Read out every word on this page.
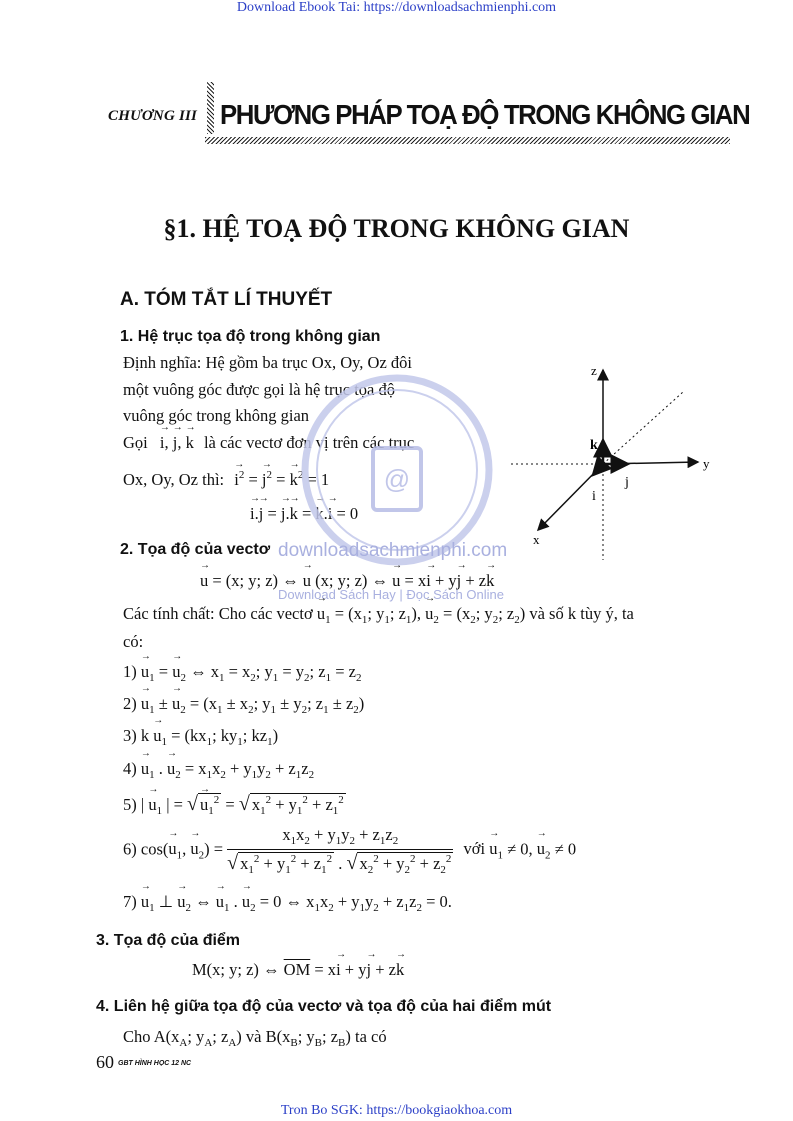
Download Ebook Tai: https://downloadsachmienphi.com
CHƯƠNG III PHƯƠNG PHÁP TOẠ ĐỘ TRONG KHÔNG GIAN
§1. HỆ TOẠ ĐỘ TRONG KHÔNG GIAN
A. TÓM TẮT LÍ THUYẾT
1. Hệ trục tọa độ trong không gian
Định nghĩa: Hệ gồm ba trục Ox, Oy, Oz đôi
một vuông góc được gọi là hệ trục tọa độ
vuông góc trong không gian
Gọi → i, → j, → k là các vectơ đơn vị trên các trục
Ox, Oy, Oz thì: → $i^2$ = → $j^2$ = → $k^2 = 1$
→ i.→ j = → j.→ k = → k.→ i = 0
z
y
x
k
j
i
@
downloadsachmienphi.com
Download Sách Hay | Đọc Sách Online
2. Tọa độ của vectơ
→ u = (x; y; z) ⇔ → u (x; y; z) ⇔ → u = x→ i + y→ j + z→ k
Các tính chất: Cho các vectơ → $u_1 = (x_1$; $y_1$; $z_1$), → $u_2 = (x_2$; $y_2$; $z_2$) và số k tùy ý, ta
có:
$1) \to u_1$ = → $u_2$ ⇔ $x_1 = x_2$; $y_1 = y_2$; $z_1 = z_2$
$2) \to u_1$ ± → $u_2 = (x_1 \pm x_2$; $y_1 \pm y_2$; $z_1 \pm z_2$)
3) $k \to u_1 = (kx_1$; $ky_1$; $kz_1$)
$4) \to u_1$ . → $u_2 = x_1x_2 + y_1y_2 + z_1z_2$
5) | → $u_1$ | = √ → $u_1^2$ = √ $x_1^2 + y_1^2 + z_1^2$
6) $\cos(\to u_1$, → $u_2) = \frac{x_1x_2 + y_1y_2 + z_1z_2}{√ x_1^2 + y_1^2 + z_1^2 . √ x_2^2 + y_2^2 + z_2^2}$ với → $u_1 \ne 0$, → $u_2 \ne 0$
$7) \to u_1$ ⊥ → $u_2$ ⇔ → $u_1$ . → $u_2 = 0$ ⇔ $x_1x_2 + y_1y_2 + z_1z_2 = 0$.
3. Tọa độ của điểm
M(x; y; z) ⇔ $\overline{OM} = x\to i + y\to j + z\to k$
4. Liên hệ giữa tọa độ của vectơ và tọa độ của hai điểm mút
Cho $A(x_A$; $y_A$; $z_A$) và $B(x_B$; $y_B$; $z_B$) ta có
60 GBT HÌNH HỌC 12 NC
Tron Bo SGK: https://bookgiaokhoa.com
